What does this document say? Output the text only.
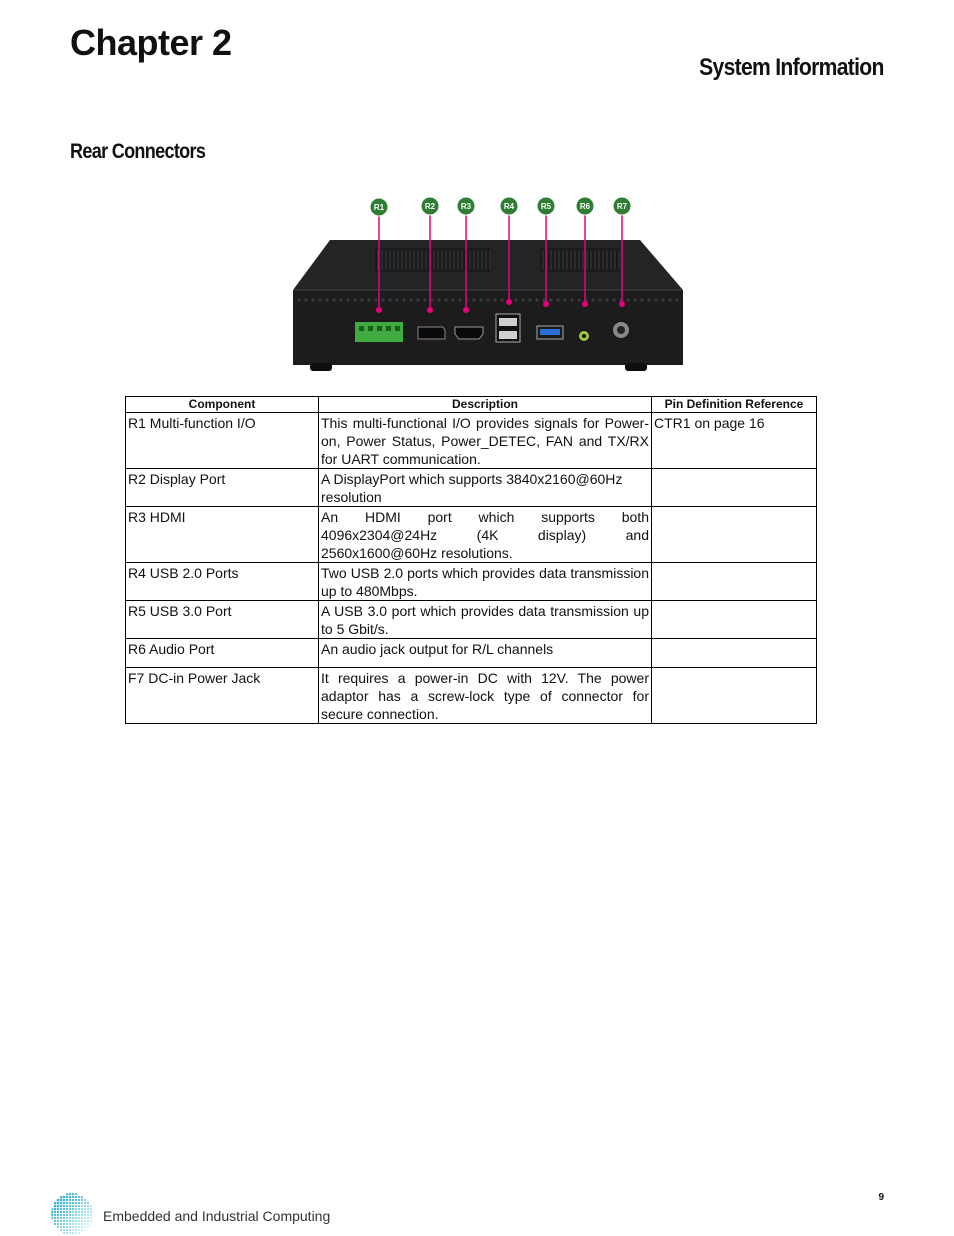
Chapter 2
System Information
Rear Connectors
R1	R2	R3	R4	R5	R6	R7
Component	Description	Pin Definition Reference
R1 Multi-function I/O	This multi-functional I/O provides signals for Power-on, Power Status, Power_DETEC, FAN and TX/RX for UART communication.	CTR1 on page 16
R2 Display Port	A DisplayPort which supports 3840x2160@60Hz resolution	
R3 HDMI	An HDMI port which supports both 4096x2304@24Hz (4K display) and 2560x1600@60Hz resolutions.	
R4 USB 2.0 Ports	Two USB 2.0 ports which provides data transmission up to 480Mbps.	
R5 USB 3.0 Port	A USB 3.0 port which provides data transmission up to 5 Gbit/s.	
R6 Audio Port	An audio jack output for R/L channels	
F7 DC-in Power Jack	It requires a power-in DC with 12V. The power adaptor has a screw-lock type of connector for secure connection.	
9
Embedded and Industrial Computing
